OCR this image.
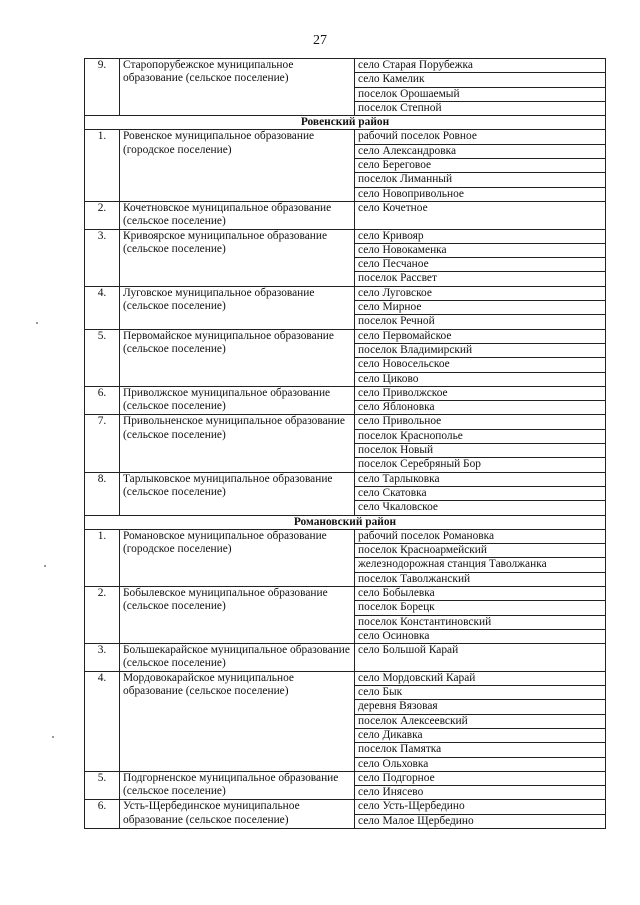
27
9.	Старопорубежское муниципальное образование (сельское поселение)	село Старая Порубежка
		село Камелик
		поселок Орошаемый
		поселок Степной
Ровенский район		
1.	Ровенское муниципальное образование (городское поселение)	рабочий поселок Ровное
		село Александровка
		село Береговое
		поселок Лиманный
		село Новопривольное
2.	Кочетновское муниципальное образование (сельское поселение)	село Кочетное
3.	Кривоярское муниципальное образование (сельское поселение)	село Кривояр
		село Новокаменка
		село Песчаное
		поселок Рассвет
4.	Луговское муниципальное образование (сельское поселение)	село Луговское
		село Мирное
		поселок Речной
5.	Первомайское муниципальное образование (сельское поселение)	село Первомайское
		поселок Владимирский
		село Новосельское
		село Циково
6.	Приволжское муниципальное образование (сельское поселение)	село Приволжское
		село Яблоновка
7.	Привольненское муниципальное образование (сельское поселение)	село Привольное
		поселок Краснополье
		поселок Новый
		поселок Серебряный Бор
8.	Тарлыковское муниципальное образование (сельское поселение)	село Тарлыковка
		село Скатовка
		село Чкаловское
Романовский район		
1.	Романовское муниципальное образование (городское поселение)	рабочий поселок Романовка
		поселок Красноармейский
		железнодорожная станция Таволжанка
		поселок Таволжанский
2.	Бобылевское муниципальное образование (сельское поселение)	село Бобылевка
		поселок Борецк
		поселок Константиновский
		село Осиновка
3.	Большекарайское муниципальное образование (сельское поселение)	село Большой Карай
4.	Мордовокарайское муниципальное образование (сельское поселение)	село Мордовский Карай
		село Бык
		деревня Вязовая
		поселок Алексеевский
		село Дикавка
		поселок Памятка
		село Ольховка
5.	Подгорненское муниципальное образование (сельское поселение)	село Подгорное
		село Инясево
6.	Усть-Щербединское муниципальное образование (сельское поселение)	село Усть-Щербедино
		село Малое Щербедино
